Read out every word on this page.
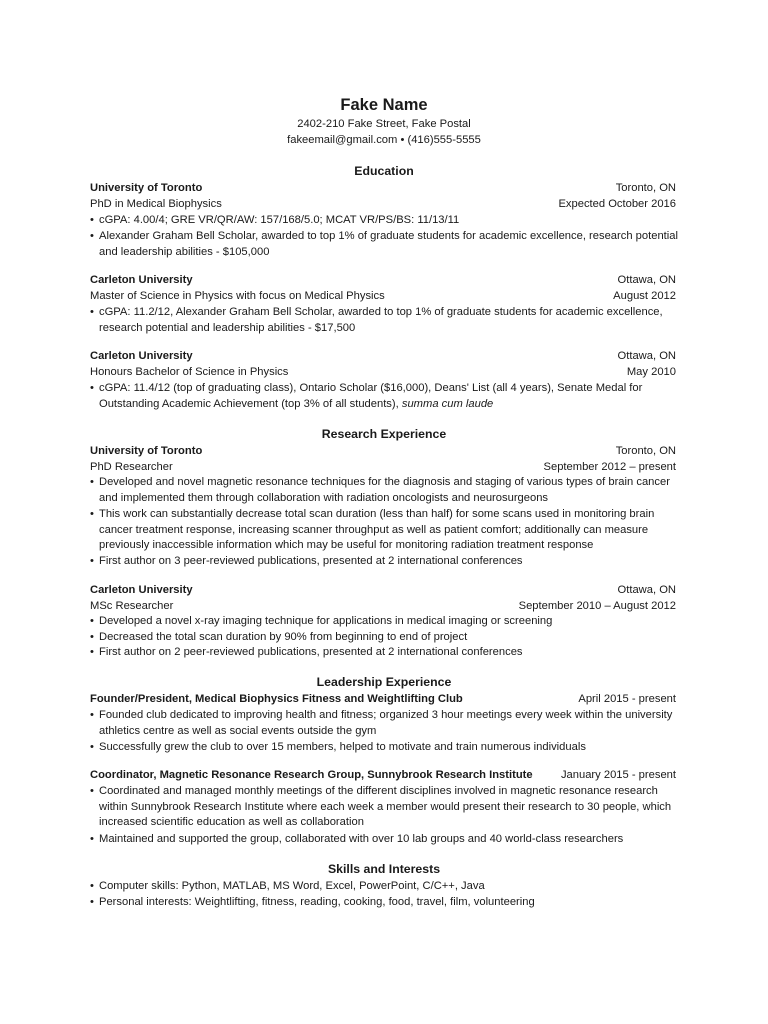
Fake Name
2402-210 Fake Street, Fake Postal
fakeemail@gmail.com • (416)555-5555
Education
University of Toronto	Toronto, ON
PhD in Medical Biophysics	Expected October 2016
• cGPA: 4.00/4; GRE VR/QR/AW: 157/168/5.0; MCAT VR/PS/BS: 11/13/11
• Alexander Graham Bell Scholar, awarded to top 1% of graduate students for academic excellence, research potential and leadership abilities - $105,000
Carleton University	Ottawa, ON
Master of Science in Physics with focus on Medical Physics	August 2012
• cGPA: 11.2/12, Alexander Graham Bell Scholar, awarded to top 1% of graduate students for academic excellence, research potential and leadership abilities - $17,500
Carleton University	Ottawa, ON
Honours Bachelor of Science in Physics	May 2010
• cGPA: 11.4/12 (top of graduating class), Ontario Scholar ($16,000), Deans' List (all 4 years), Senate Medal for Outstanding Academic Achievement (top 3% of all students), summa cum laude
Research Experience
University of Toronto	Toronto, ON
PhD Researcher	September 2012 – present
• Developed and novel magnetic resonance techniques for the diagnosis and staging of various types of brain cancer and implemented them through collaboration with radiation oncologists and neurosurgeons
• This work can substantially decrease total scan duration (less than half) for some scans used in monitoring brain cancer treatment response, increasing scanner throughput as well as patient comfort; additionally can measure previously inaccessible information which may be useful for monitoring radiation treatment response
• First author on 3 peer-reviewed publications, presented at 2 international conferences
Carleton University	Ottawa, ON
MSc Researcher	September 2010 – August 2012
• Developed a novel x-ray imaging technique for applications in medical imaging or screening
• Decreased the total scan duration by 90% from beginning to end of project
• First author on 2 peer-reviewed publications, presented at 2 international conferences
Leadership Experience
Founder/President, Medical Biophysics Fitness and Weightlifting Club	April 2015 - present
• Founded club dedicated to improving health and fitness; organized 3 hour meetings every week within the university athletics centre as well as social events outside the gym
• Successfully grew the club to over 15 members, helped to motivate and train numerous individuals
Coordinator, Magnetic Resonance Research Group, Sunnybrook Research Institute	January 2015 - present
• Coordinated and managed monthly meetings of the different disciplines involved in magnetic resonance research within Sunnybrook Research Institute where each week a member would present their research to 30 people, which increased scientific education as well as collaboration
• Maintained and supported the group, collaborated with over 10 lab groups and 40 world-class researchers
Skills and Interests
• Computer skills: Python, MATLAB, MS Word, Excel, PowerPoint, C/C++, Java
• Personal interests: Weightlifting, fitness, reading, cooking, food, travel, film, volunteering
